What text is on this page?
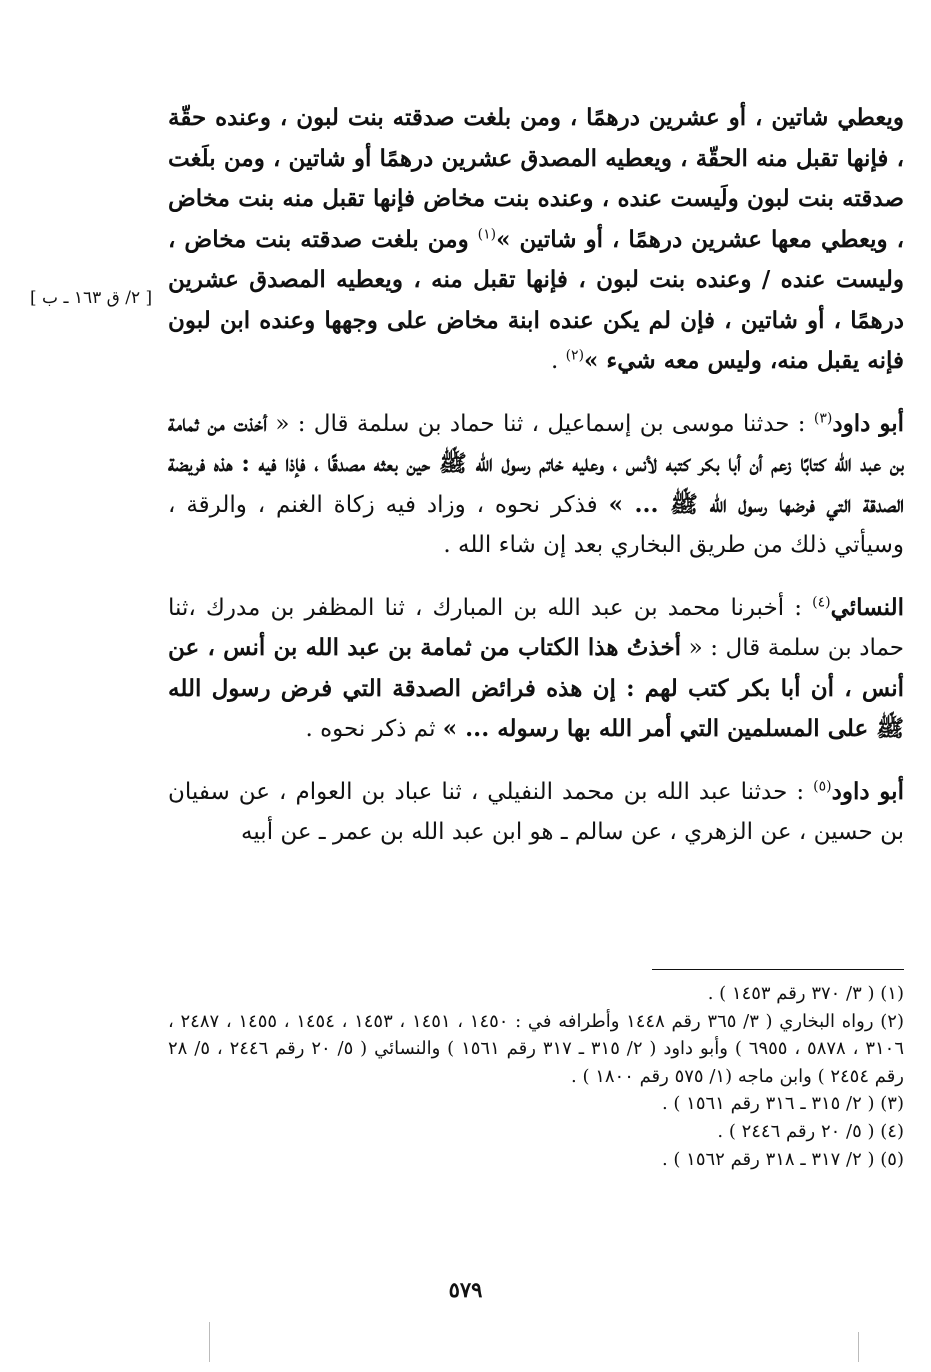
[ ٢/ ق ١٦٣ ـ ب ]

ويعطي شاتين ، أو عشرين درهمًا ، ومن بلغت صدقته بنت لبون ، وعنده حقّة ، فإنها تقبل منه الحقّة ، ويعطيه المصدق عشرين درهمًا أو شاتين ، ومن بلَغت صدقته بنت لبون ولَيست عنده ، وعنده بنت مخاض فإنها تقبل منه بنت مخاض ، ويعطي معها عشرين درهمًا ، أو شاتين »$^{(١)}$ ومن بلغت صدقته بنت مخاض ، وليست عنده / وعنده بنت لبون ، فإنها تقبل منه ، ويعطيه المصدق عشرين درهمًا ، أو شاتين ، فإن لم يكن عنده ابنة مخاض على وجهها وعنده ابن لبون فإنه يقبل منه، وليس معه شيء »$^{(٢)}$ .

أبو داود$^{(٣)}$ : حدثنا موسى بن إسماعيل ، ثنا حماد بن سلمة قال : « أخذت من ثمامة بن عبد الله كتابًا زعم أن أبا بكر كتبه لأنس ، وعليه خاتم رسول الله ﷺ حين بعثه مصدقًا ، فإذا فيه : هذه فريضة الصدقة التي فرضها رسول الله ﷺ ... » فذكر نحوه ، وزاد فيه زكاة الغنم ، والرقة ، وسيأتي ذلك من طريق البخاري بعد إن شاء الله .

النسائي$^{(٤)}$ : أخبرنا محمد بن عبد الله بن المبارك ، ثنا المظفر بن مدرك ،ثنا حماد بن سلمة قال : « أخذتُ هذا الكتاب من ثمامة بن عبد الله بن أنس ، عن أنس ، أن أبا بكر كتب لهم : إن هذه فرائض الصدقة التي فرض رسول الله ﷺ على المسلمين التي أمر الله بها رسوله ... » ثم ذكر نحوه .

أبو داود$^{(٥)}$ : حدثنا عبد الله بن محمد النفيلي ، ثنا عباد بن العوام ، عن سفيان بن حسين ، عن الزهري ، عن سالم ـ هو ابن عبد الله بن عمر ـ عن أبيه

(١) ( ٣/ ٣٧٠ رقم ١٤٥٣ ) .

(٢) رواه البخاري ( ٣/ ٣٦٥ رقم ١٤٤٨ وأطرافه في : ١٤٥٠ ، ١٤٥١ ، ١٤٥٣ ، ١٤٥٤ ، ١٤٥٥ ، ٢٤٨٧ ، ٣١٠٦ ، ٥٨٧٨ ، ٦٩٥٥ ) وأبو داود ( ٢/ ٣١٥ ـ ٣١٧ رقم ١٥٦١ ) والنسائي ( ٥/ ٢٠ رقم ٢٤٤٦ ، ٥/ ٢٨ رقم ٢٤٥٤ ) وابن ماجه (١/ ٥٧٥ رقم ١٨٠٠ ) .

(٣) ( ٢/ ٣١٥ ـ ٣١٦ رقم ١٥٦١ ) .

(٤) ( ٥/ ٢٠ رقم ٢٤٤٦ ) .

(٥) ( ٢/ ٣١٧ ـ ٣١٨ رقم ١٥٦٢ ) .

٥٧٩
